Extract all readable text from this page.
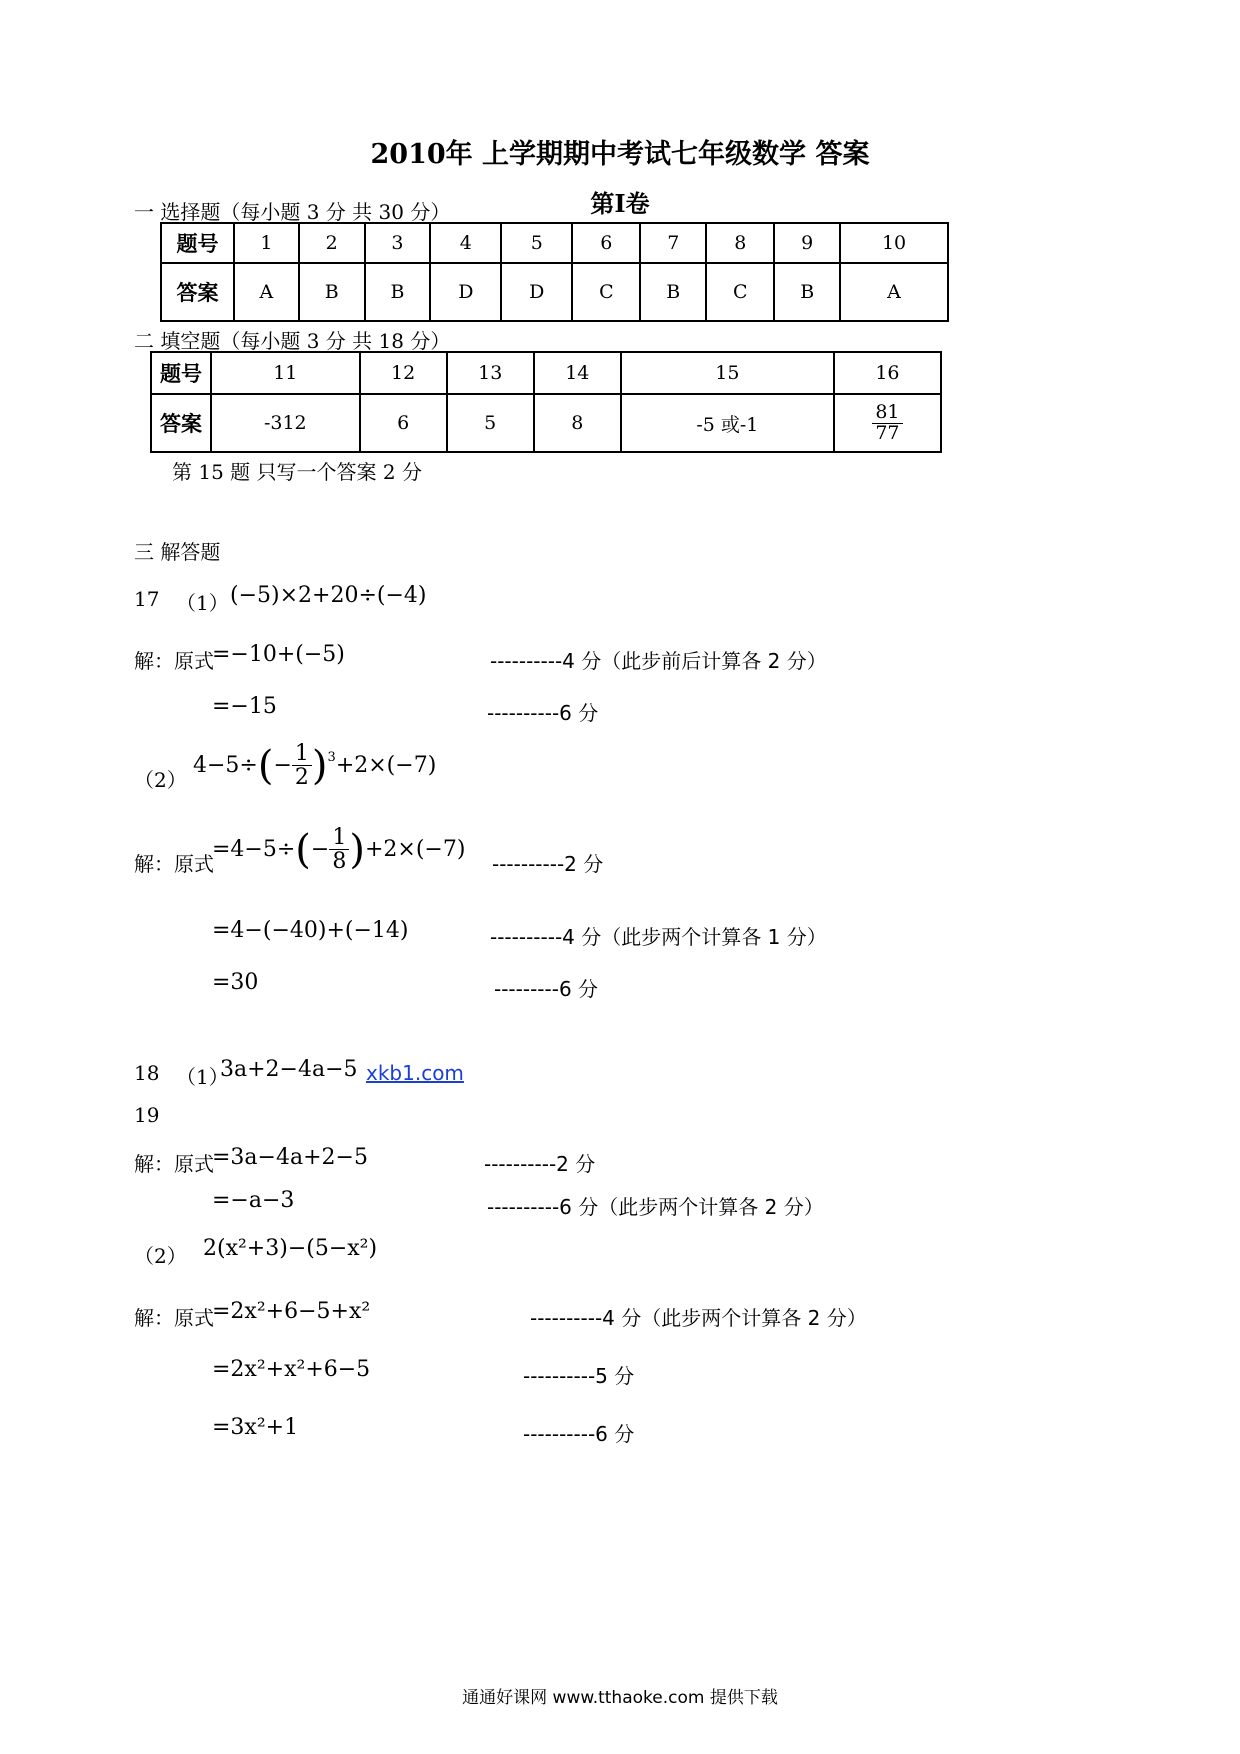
2010年 上学期期中考试七年级数学 答案
第Ⅰ卷
一 选择题（每小题 3 分 共 30 分）
题号	1	2	3	4	5	6	7	8	9	10
答案	A	B	B	D	D	C	B	C	B	A
二 填空题（每小题 3 分 共 18 分）
题号	11	12	13	14	15	16
答案	-312	6	5	8	-5 或-1	$\frac{81}{77}$
第 15 题 只写一个答案 2 分
三 解答题
17 （1） (−5)×2+20÷(−4)
解：原式
=−10+(−5)	----------4 分（此步前后计算各 2 分）
=−15	----------6 分
（2）
4−5÷ ( − $\frac{1}{2} )^3 +2\times(-7)$
解：原式
=4−5÷ ( − $\frac{1}{8}$ ) +2×(−7)
----------2 分
=4−(−40)+(−14)	----------4 分（此步两个计算各 1 分）
=30	---------6 分
18 （1）
3a+2−4a−5 xkb1.com
19
解：原式
=3a−4a+2−5	----------2 分
=−a−3	----------6 分（此步两个计算各 2 分）
（2） 2(x²+3)−(5−x²)
解：原式
=2x²+6−5+x²	----------4 分（此步两个计算各 2 分）
=2x²+x²+6−5	----------5 分
=3x²+1	----------6 分
通通好课网 www.tthaoke.com 提供下载
